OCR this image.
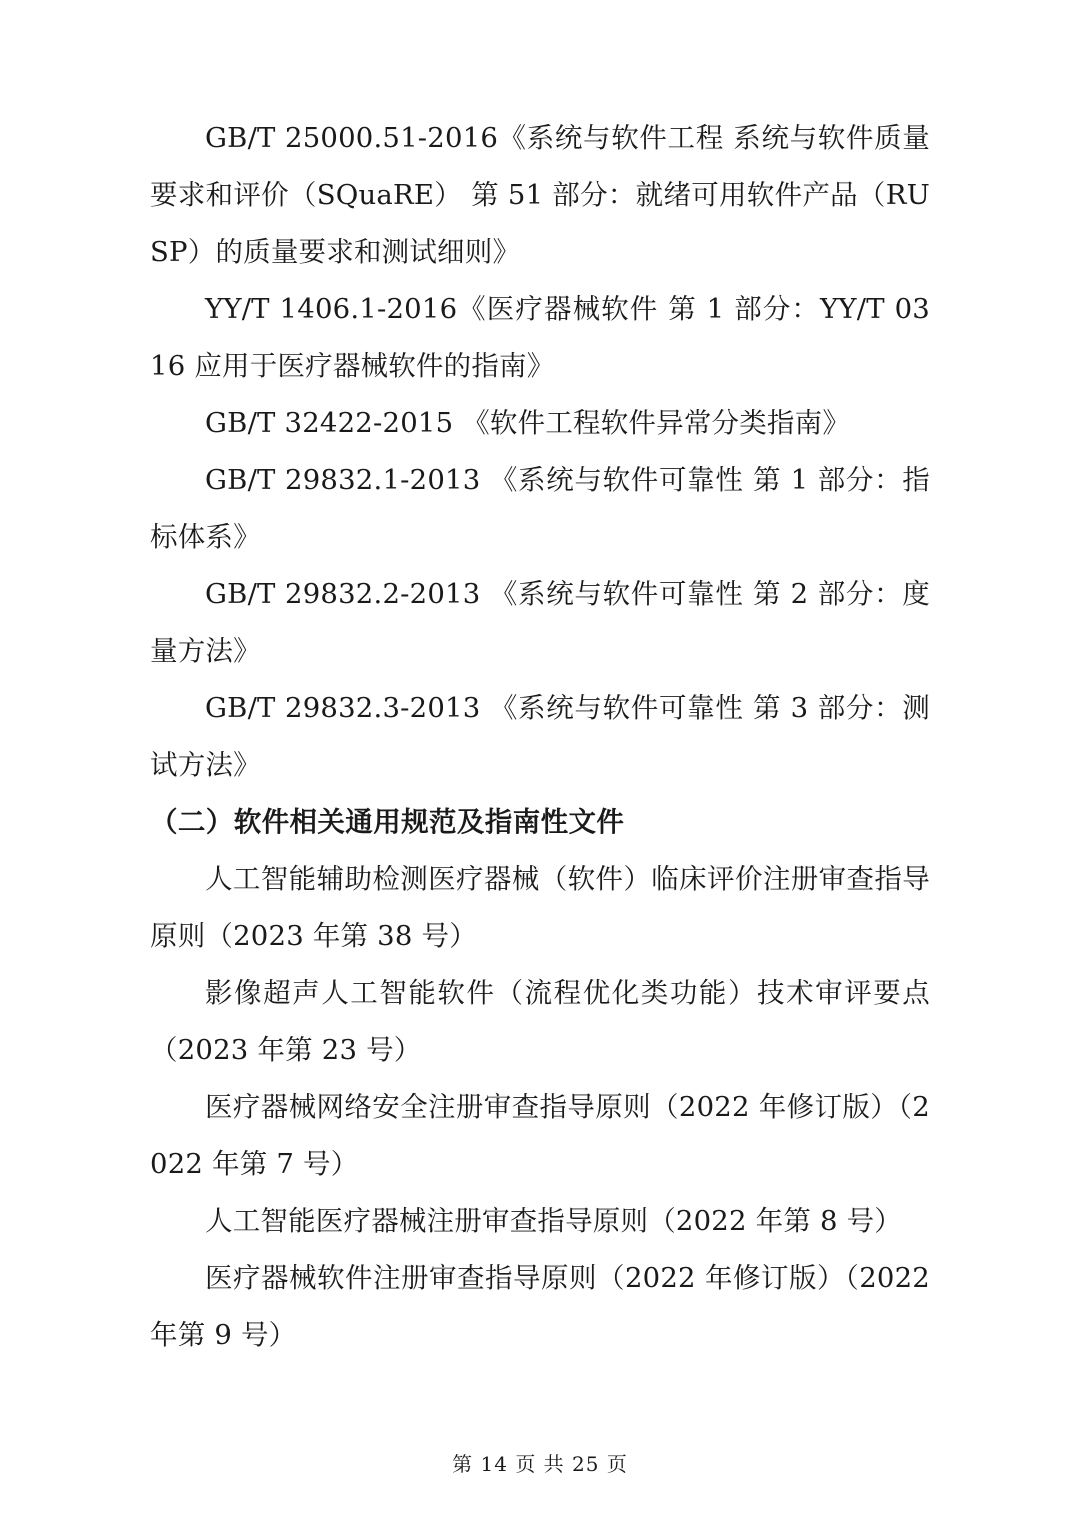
GB/T 25000.51-2016《系统与软件工程 系统与软件质量要求和评价（SQuaRE） 第 51 部分：就绪可用软件产品（RUSP）的质量要求和测试细则》

YY/T 1406.1-2016《医疗器械软件 第 1 部分：YY/T 0316 应用于医疗器械软件的指南》

GB/T 32422-2015 《软件工程软件异常分类指南》

GB/T 29832.1-2013 《系统与软件可靠性 第 1 部分：指标体系》

GB/T 29832.2-2013 《系统与软件可靠性 第 2 部分：度量方法》

GB/T 29832.3-2013 《系统与软件可靠性 第 3 部分：测试方法》

（二）软件相关通用规范及指南性文件

人工智能辅助检测医疗器械（软件）临床评价注册审查指导原则（2023 年第 38 号）

影像超声人工智能软件（流程优化类功能）技术审评要点（2023 年第 23 号）

医疗器械网络安全注册审查指导原则（2022 年修订版）（2022 年第 7 号）

人工智能医疗器械注册审查指导原则（2022 年第 8 号）

医疗器械软件注册审查指导原则（2022 年修订版）（2022 年第 9 号）

第 14 页 共 25 页
